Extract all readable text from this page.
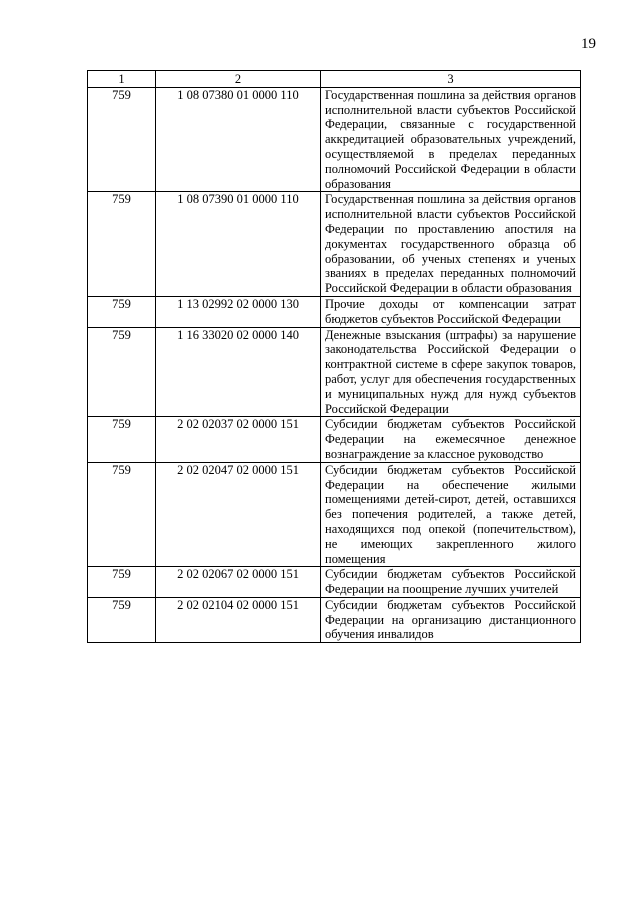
19
1	2	3
759	1 08 07380 01 0000 110	Государственная пошлина за действия органов исполнительной власти субъектов Российской Федерации, связанные с государственной аккредитацией образовательных учреждений, осуществляемой в пределах переданных полномочий Российской Федерации в области образования
759	1 08 07390 01 0000 110	Государственная пошлина за действия органов исполнительной власти субъектов Российской Федерации по проставлению апостиля на документах государственного образца об образовании, об ученых степенях и ученых званиях в пределах переданных полномочий Российской Федерации в области образования
759	1 13 02992 02 0000 130	Прочие доходы от компенсации затрат бюджетов субъектов Российской Федерации
759	1 16 33020 02 0000 140	Денежные взыскания (штрафы) за нарушение законодательства Российской Федерации о контрактной системе в сфере закупок товаров, работ, услуг для обеспечения государственных и муниципальных нужд для нужд субъектов Российской Федерации
759	2 02 02037 02 0000 151	Субсидии бюджетам субъектов Российской Федерации на ежемесячное денежное вознаграждение за классное руководство
759	2 02 02047 02 0000 151	Субсидии бюджетам субъектов Российской Федерации на обеспечение жилыми помещениями детей-сирот, детей, оставшихся без попечения родителей, а также детей, находящихся под опекой (попечительством), не имеющих закрепленного жилого помещения
759	2 02 02067 02 0000 151	Субсидии бюджетам субъектов Российской Федерации на поощрение лучших учителей
759	2 02 02104 02 0000 151	Субсидии бюджетам субъектов Российской Федерации на организацию дистанционного обучения инвалидов
